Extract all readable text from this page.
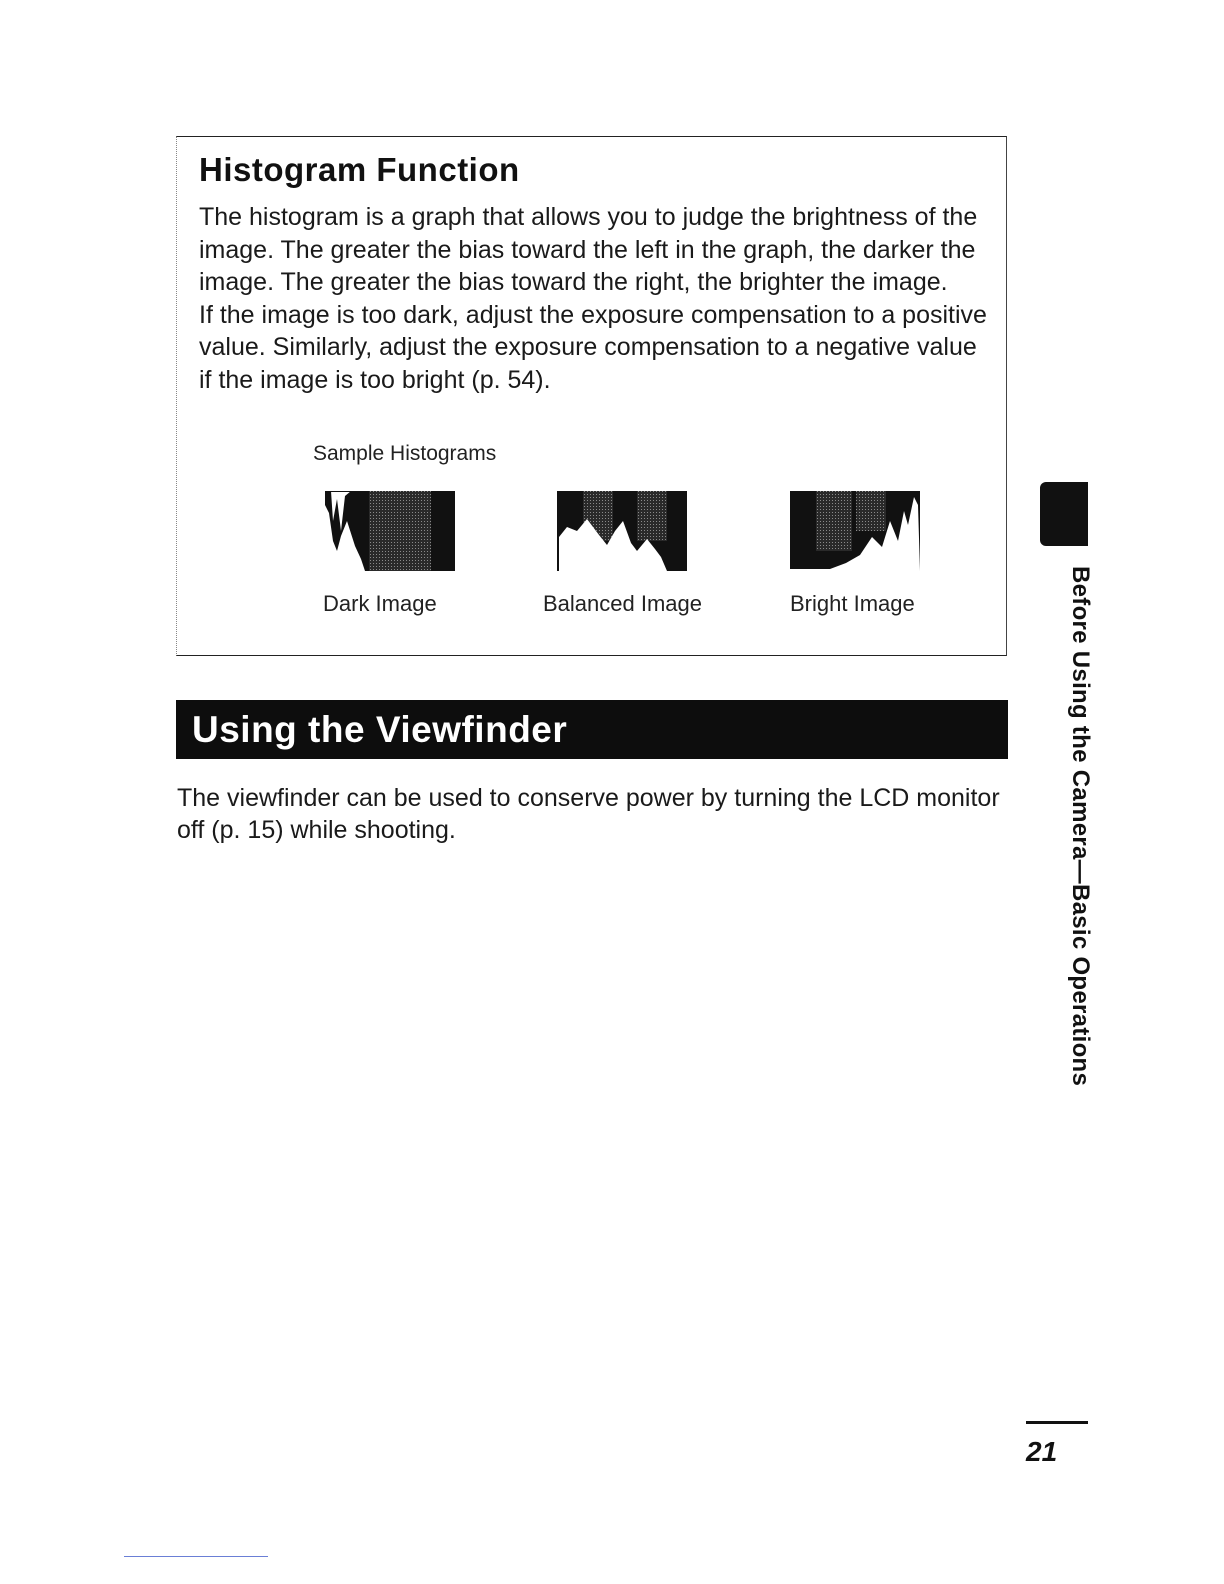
Histogram Function

The histogram is a graph that allows you to judge the brightness of the image. The greater the bias toward the left in the graph, the darker the image. The greater the bias toward the right, the brighter the image.

If the image is too dark, adjust the exposure compensation to a positive value. Similarly, adjust the exposure compensation to a negative value if the image is too bright (p. 54).

Sample Histograms
Dark Image	Balanced Image	Bright Image
Using the Viewfinder

The viewfinder can be used to conserve power by turning the LCD monitor off (p. 15) while shooting.	Before Using the Camera—Basic Operations
21
